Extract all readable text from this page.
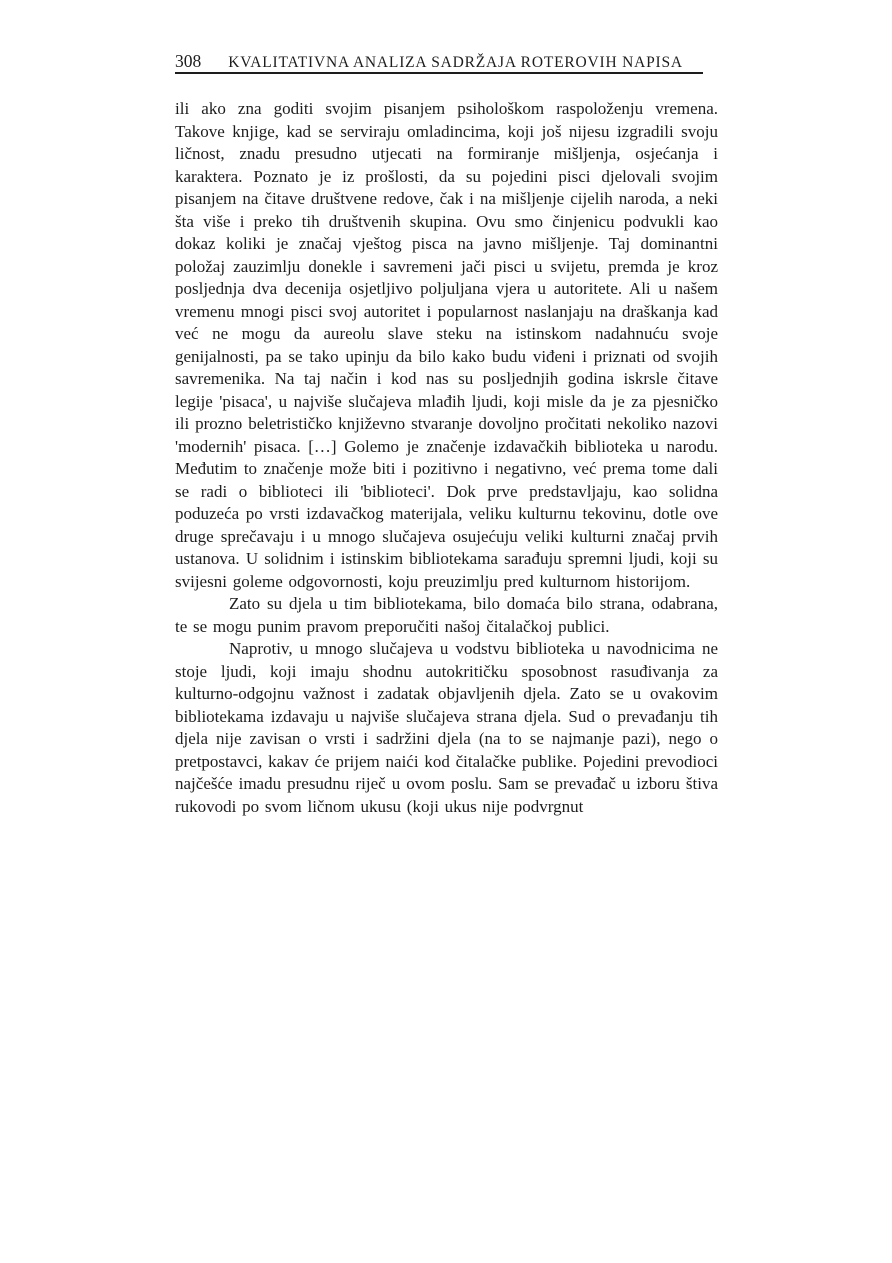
308 KVALITATIVNA ANALIZA SADRŽAJA ROTEROVIH NAPISA

ili ako zna goditi svojim pisanjem psihološkom raspoloženju vremena. Takove knjige, kad se serviraju omladincima, koji još nijesu izgradili svoju ličnost, znadu presudno utjecati na formiranje mišljenja, osjećanja i karaktera. Poznato je iz prošlosti, da su pojedini pisci djelovali svojim pisanjem na čitave društvene redove, čak i na mišljenje cijelih naroda, a neki šta više i preko tih društvenih skupina. Ovu smo činjenicu podvukli kao dokaz koliki je značaj vještog pisca na javno mišljenje. Taj dominantni položaj zauzimlju donekle i savremeni jači pisci u svijetu, premda je kroz posljednja dva decenija osjetljivo poljuljana vjera u autoritete. Ali u našem vremenu mnogi pisci svoj autoritet i popularnost naslanjaju na draškanja kad već ne mogu da aureolu slave steku na istinskom nadahnuću svoje genijalnosti, pa se tako upinju da bilo kako budu viđeni i priznati od svojih savremenika. Na taj način i kod nas su posljednjih godina iskrsle čitave legije 'pisaca', u najviše slučajeva mlađih ljudi, koji misle da je za pjesničko ili prozno beletrističko književno stvaranje dovoljno pročitati nekoliko nazovi 'modernih' pisaca. […] Golemo je značenje izdavačkih biblioteka u narodu. Međutim to značenje može biti i pozitivno i negativno, već prema tome dali se radi o biblioteci ili 'biblioteci'. Dok prve predstavljaju, kao solidna poduzeća po vrsti izdavačkog materijala, veliku kulturnu tekovinu, dotle ove druge sprečavaju i u mnogo slučajeva osujećuju veliki kulturni značaj prvih ustanova. U solidnim i istinskim bibliotekama sarađuju spremni ljudi, koji su svijesni goleme odgovornosti, koju preuzimlju pred kulturnom historijom.

Zato su djela u tim bibliotekama, bilo domaća bilo strana, odabrana, te se mogu punim pravom preporučiti našoj čitalačkoj publici.

Naprotiv, u mnogo slučajeva u vodstvu biblioteka u navodnicima ne stoje ljudi, koji imaju shodnu autokritičku sposobnost rasuđivanja za kulturno-odgojnu važnost i zadatak objavljenih djela. Zato se u ovakovim bibliotekama izdavaju u najviše slučajeva strana djela. Sud o prevađanju tih djela nije zavisan o vrsti i sadržini djela (na to se najmanje pazi), nego o pretpostavci, kakav će prijem naići kod čitalačke publike. Pojedini prevodioci najčešće imadu presudnu riječ u ovom poslu. Sam se prevađač u izboru štiva rukovodi po svom ličnom ukusu (koji ukus nije podvrgnut
